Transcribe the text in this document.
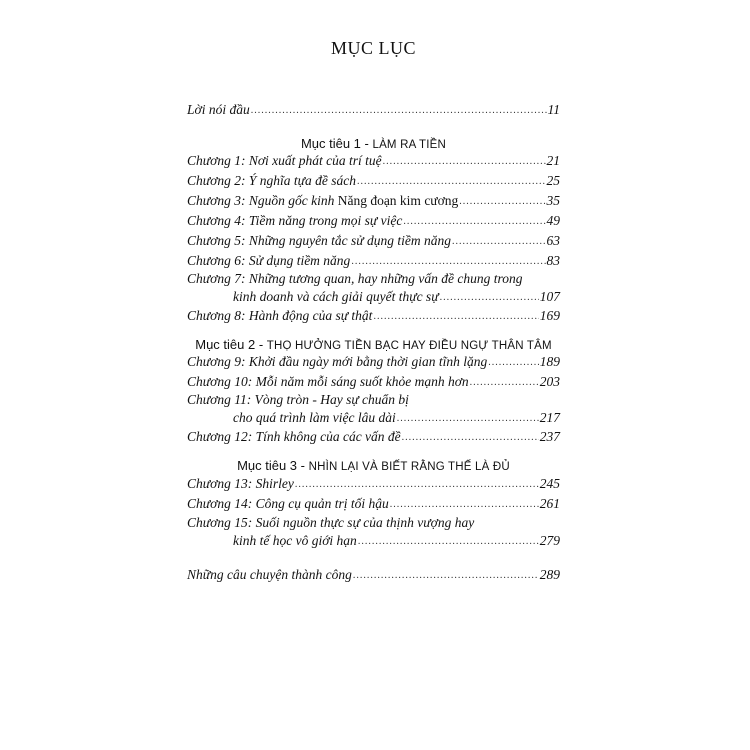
MỤC LỤC
Lời nói đầu .....	11
Mục tiêu 1 - LÀM RA TIỀN
Chương 1: Nơi xuất phát của trí tuệ .....	21
Chương 2: Ý nghĩa tựa đề sách .....	25
Chương 3: Nguồn gốc kinh Năng đoạn kim cương .....	35
Chương 4: Tiềm năng trong mọi sự việc .....	49
Chương 5: Những nguyên tắc sử dụng tiềm năng .....	63
Chương 6: Sử dụng tiềm năng .....	83
Chương 7: Những tương quan, hay những vấn đề chung trong
kinh doanh và cách giải quyết thực sự .....	107
Chương 8: Hành động của sự thật .....	169
Mục tiêu 2 - THỌ HƯỞNG TIỀN BẠC HAY ĐIỀU NGỰ THÂN TÂM
Chương 9: Khởi đầu ngày mới bằng thời gian tĩnh lặng .....	189
Chương 10: Mỗi năm mỗi sáng suốt khỏe mạnh hơn .....	203
Chương 11: Vòng tròn - Hay sự chuẩn bị
cho quá trình làm việc lâu dài .....	217
Chương 12: Tính không của các vấn đề .....	237
Mục tiêu 3 - NHÌN LẠI VÀ BIẾT RẰNG THẾ LÀ ĐỦ
Chương 13: Shirley .....	245
Chương 14: Công cụ quản trị tối hậu .....	261
Chương 15: Suối nguồn thực sự của thịnh vượng hay
kinh tế học vô giới hạn .....	279
Những câu chuyện thành công .....	289
